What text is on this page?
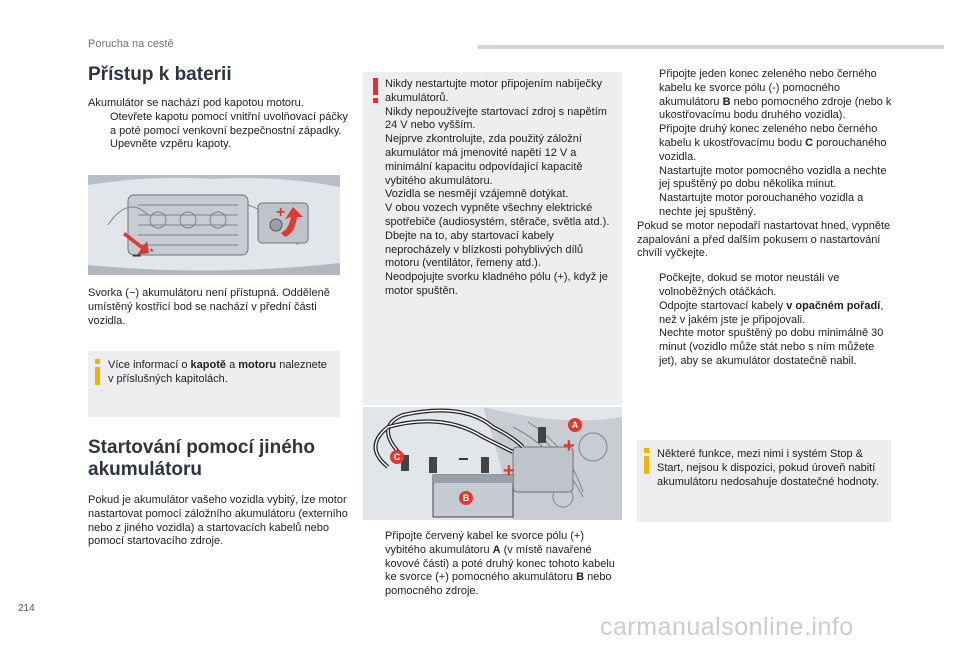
Porucha na cestě
Přístup k baterii

Akumulátor se nachází pod kapotou motoru.

Otevřete kapotu pomocí vnitřní uvolňovací páčky a poté pomocí venkovní bezpečnostní západky.
Upevněte vzpěru kapoty.
+
− *

Svorka (−) akumulátoru není přístupná. Odděleně umístěný kostřicí bod se nachází v přední části vozidla.

Více informací o kapotě a motoru naleznete v příslušných kapitolách.

Startování pomocí jiného akumulátoru

Pokud je akumulátor vašeho vozidla vybitý, lze motor nastartovat pomocí záložního akumulátoru (externího nebo z jiného vozidla) a startovacích kabelů nebo pomocí startovacího zdroje.

Nikdy nestartujte motor připojením nabíječky akumulátorů.
Nikdy nepoužívejte startovací zdroj s napětím 24 V nebo vyšším.
Nejprve zkontrolujte, zda použitý záložní akumulátor má jmenovité napětí 12 V a minimální kapacitu odpovídající kapacitě vybitého akumulátoru.
Vozidla se nesmějí vzájemně dotýkat.
V obou vozech vypněte všechny elektrické spotřebiče (audiosystém, stěrače, světla atd.).
Dbejte na to, aby startovací kabely neprocházely v blízkosti pohyblivých dílů motoru (ventilátor, řemeny atd.).
Neodpojujte svorku kladného pólu (+), když je motor spuštěn.

−
+
+
A
B
C
Připojte červený kabel ke svorce pólu (+) vybitého akumulátoru A (v místě navařené kovové části) a poté druhý konec tohoto kabelu ke svorce (+) pomocného akumulátoru B nebo pomocného zdroje.
Připojte jeden konec zeleného nebo černého kabelu ke svorce pólu (-) pomocného akumulátoru B nebo pomocného zdroje (nebo k ukostřovacímu bodu druhého vozidla).
Připojte druhý konec zeleného nebo černého kabelu k ukostřovacímu bodu C porouchaného vozidla.
Nastartujte motor pomocného vozidla a nechte jej spuštěný po dobu několika minut.
Nastartujte motor porouchaného vozidla a nechte jej spuštěný.

Pokud se motor nepodaří nastartovat hned, vypněte zapalování a před dalším pokusem o nastartování chvíli vyčkejte.

Počkejte, dokud se motor neustálí ve volnoběžných otáčkách.
Odpojte startovací kabely v opačném pořadí, než v jakém jste je připojovali.
Nechte motor spuštěný po dobu minimálně 30 minut (vozidlo může stát nebo s ním můžete jet), aby se akumulátor dostatečně nabil.

Některé funkce, mezi nimi i systém Stop & Start, nejsou k dispozici, pokud úroveň nabití akumulátoru nedosahuje dostatečné hodnoty.

214
carmanualsonline.info
